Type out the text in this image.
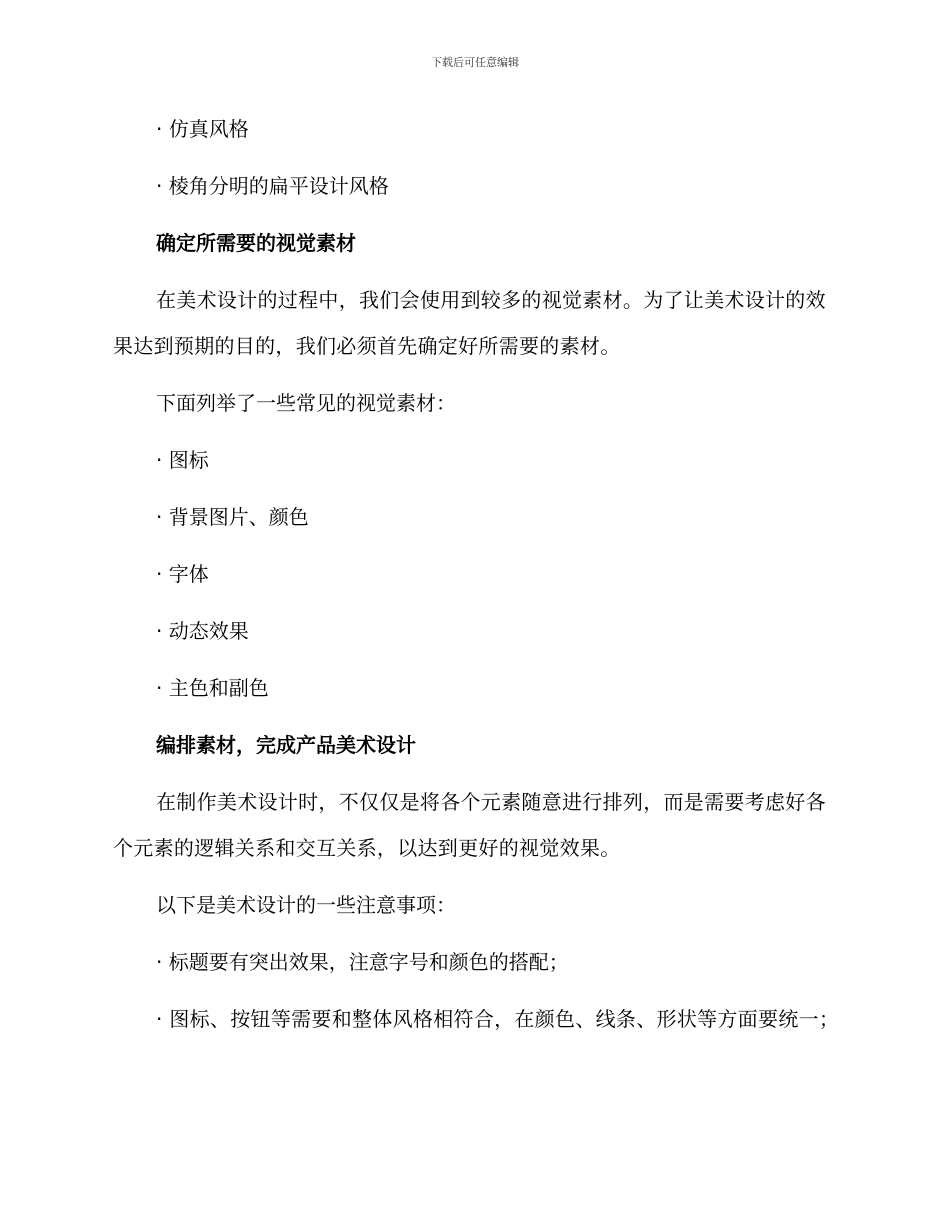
下载后可任意编辑

· 仿真风格

· 棱角分明的扁平设计风格

确定所需要的视觉素材

在美术设计的过程中，我们会使用到较多的视觉素材。为了让美术设计的效果达到预期的目的，我们必须首先确定好所需要的素材。

下面列举了一些常见的视觉素材：

· 图标

· 背景图片、颜色

· 字体

· 动态效果

· 主色和副色

编排素材，完成产品美术设计

在制作美术设计时，不仅仅是将各个元素随意进行排列，而是需要考虑好各个元素的逻辑关系和交互关系，以达到更好的视觉效果。

以下是美术设计的一些注意事项：

· 标题要有突出效果，注意字号和颜色的搭配；

· 图标、按钮等需要和整体风格相符合，在颜色、线条、形状等方面要统一；
